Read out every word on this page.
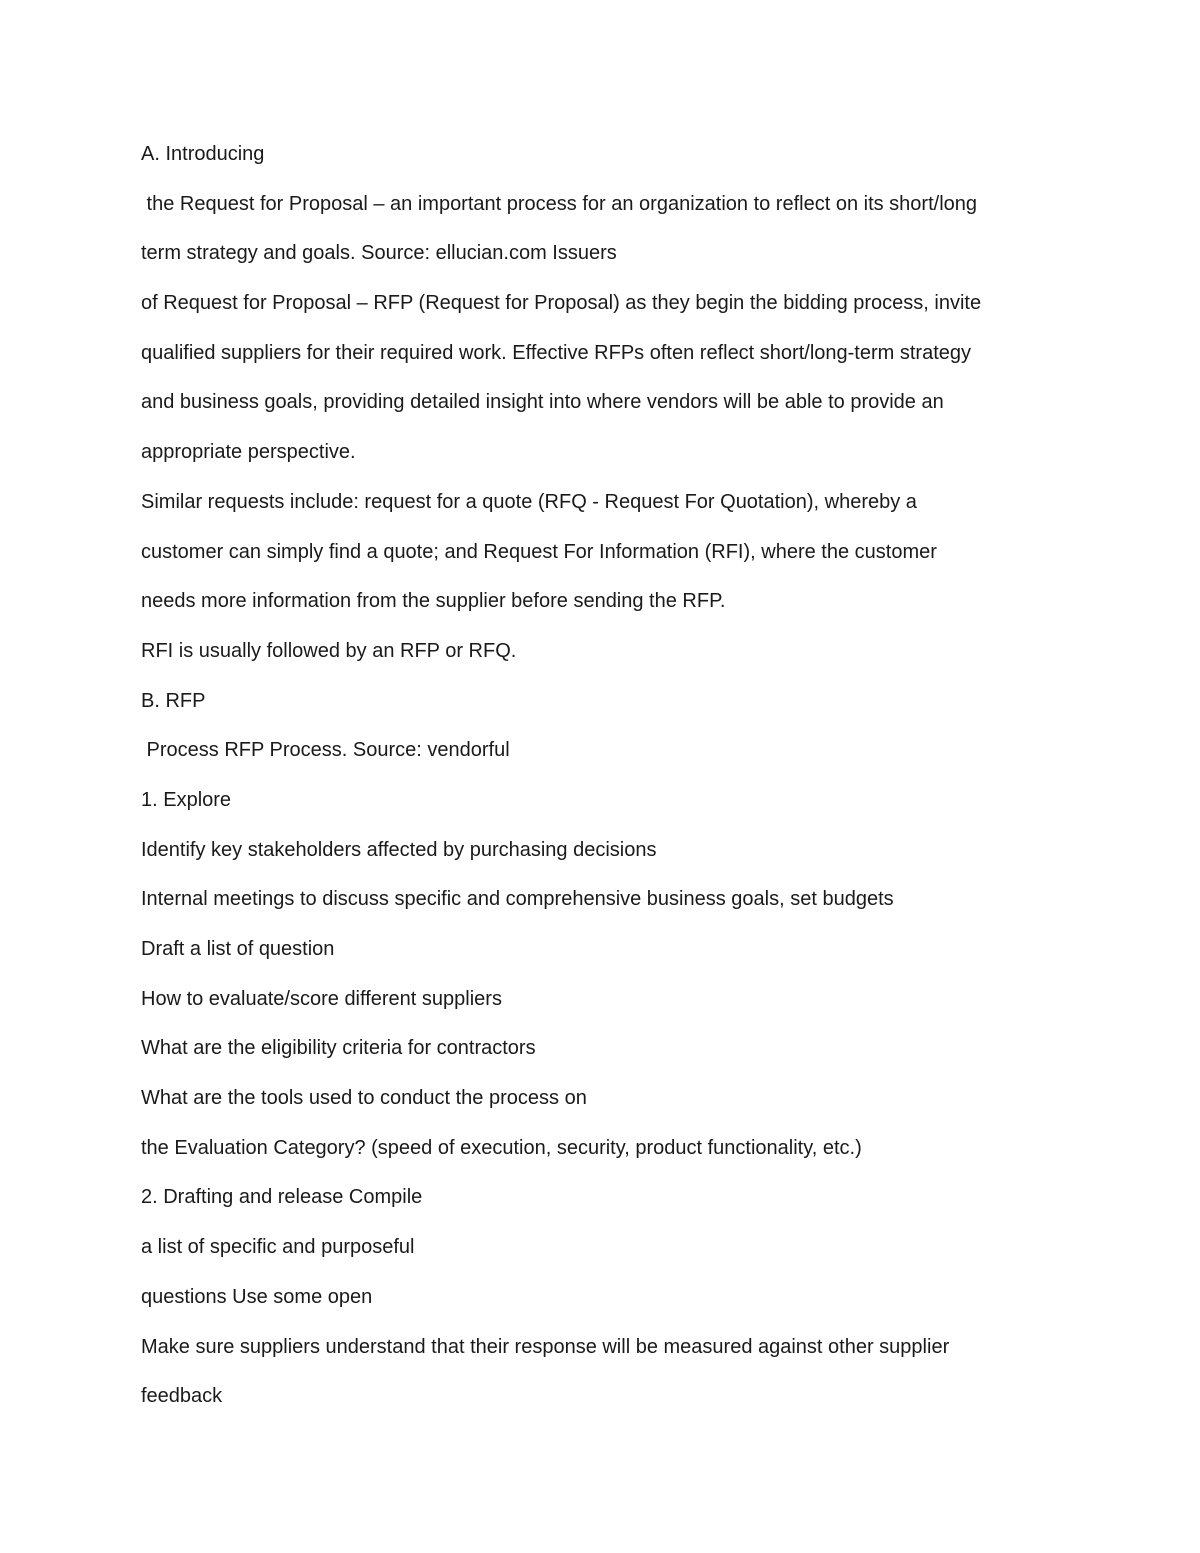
A. Introducing

the Request for Proposal – an important process for an organization to reflect on its short/long

term strategy and goals. Source: ellucian.com Issuers

of Request for Proposal – RFP (Request for Proposal) as they begin the bidding process, invite

qualified suppliers for their required work. Effective RFPs often reflect short/long-term strategy

and business goals, providing detailed insight into where vendors will be able to provide an

appropriate perspective.

Similar requests include: request for a quote (RFQ - Request For Quotation), whereby a

customer can simply find a quote; and Request For Information (RFI), where the customer

needs more information from the supplier before sending the RFP.

RFI is usually followed by an RFP or RFQ.

B. RFP

Process RFP Process. Source: vendorful

1. Explore

Identify key stakeholders affected by purchasing decisions

Internal meetings to discuss specific and comprehensive business goals, set budgets

Draft a list of question

How to evaluate/score different suppliers

What are the eligibility criteria for contractors

What are the tools used to conduct the process on

the Evaluation Category? (speed of execution, security, product functionality, etc.)

2. Drafting and release Compile

a list of specific and purposeful

questions Use some open

Make sure suppliers understand that their response will be measured against other supplier

feedback
